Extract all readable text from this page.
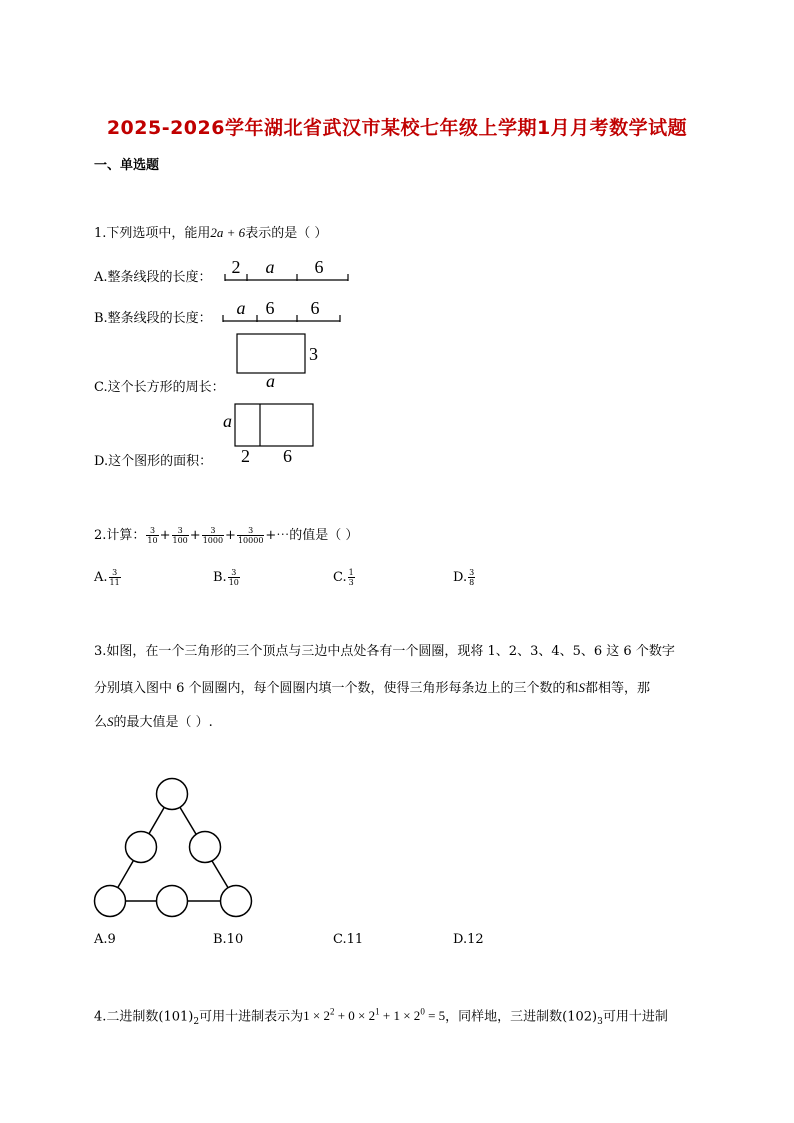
2025-2026学年湖北省武汉市某校七年级上学期1月月考数学试题
一、单选题
1.下列选项中，能用2a + 6表示的是（ ）
A.整条线段的长度：
2 a 6
B.整条线段的长度：
a 6 6
3
a
C.这个长方形的周长：
a
2 6
D.这个图形的面积：
2.计算： $\frac{3}{10} + \frac{3}{100} + \frac{3}{1000} + \frac{3}{10000}$ +⋯的值是（ ）
A. $\frac{3}{11}$	B. $\frac{3}{10}$	C. $\frac{1}{3}$	D. $\frac{3}{8}$
3.如图，在一个三角形的三个顶点与三边中点处各有一个圆圈，现将 1、2、3、4、5、6 这 6 个数字
分别填入图中 6 个圆圈内，每个圆圈内填一个数，使得三角形每条边上的三个数的和S都相等，那
么S的最大值是（ ）.
A.9	B.10	C.11	D.12
4.二进制数$(101)_2$可用十进制表示为$1 \times 2^2 + 0 \times 2^1 + 1 \times 2^0 = 5$，同样地，三进制数$(102)_3$可用十进制
